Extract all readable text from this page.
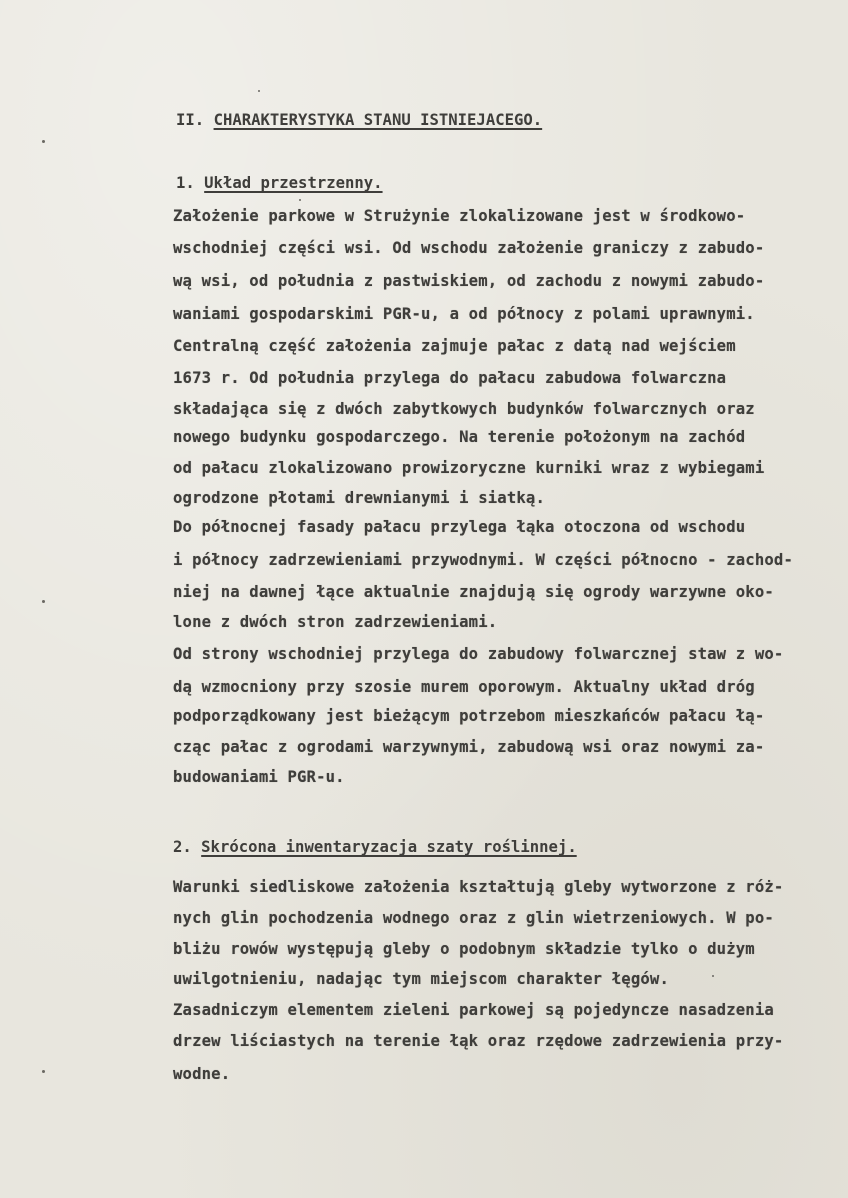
II. CHARAKTERYSTYKA STANU ISTNIEJACEGO.
1. Układ przestrzenny.
Założenie parkowe w Strużynie zlokalizowane jest w środkowo-
wschodniej części wsi. Od wschodu założenie graniczy z zabudo-
wą wsi, od południa z pastwiskiem, od zachodu z nowymi zabudo-
waniami gospodarskimi PGR-u, a od północy z polami uprawnymi.
Centralną część założenia zajmuje pałac z datą nad wejściem
1673 r. Od południa przylega do pałacu zabudowa folwarczna
składająca się z dwóch zabytkowych budynków folwarcznych oraz
nowego budynku gospodarczego. Na terenie położonym na zachód
od pałacu zlokalizowano prowizoryczne kurniki wraz z wybiegami
ogrodzone płotami drewnianymi i siatką.
Do północnej fasady pałacu przylega łąka otoczona od wschodu
i północy zadrzewieniami przywodnymi. W części północno - zachod-
niej na dawnej łące aktualnie znajdują się ogrody warzywne oko-
lone z dwóch stron zadrzewieniami.
Od strony wschodniej przylega do zabudowy folwarcznej staw z wo-
dą wzmocniony przy szosie murem oporowym. Aktualny układ dróg
podporządkowany jest bieżącym potrzebom mieszkańców pałacu łą-
cząc pałac z ogrodami warzywnymi, zabudową wsi oraz nowymi za-
budowaniami PGR-u.
2. Skrócona inwentaryzacja szaty roślinnej.
Warunki siedliskowe założenia kształtują gleby wytworzone z róż-
nych glin pochodzenia wodnego oraz z glin wietrzeniowych. W po-
bliżu rowów występują gleby o podobnym składzie tylko o dużym
uwilgotnieniu, nadając tym miejscom charakter łęgów.
Zasadniczym elementem zieleni parkowej są pojedyncze nasadzenia
drzew liściastych na terenie łąk oraz rzędowe zadrzewienia przy-
wodne.
